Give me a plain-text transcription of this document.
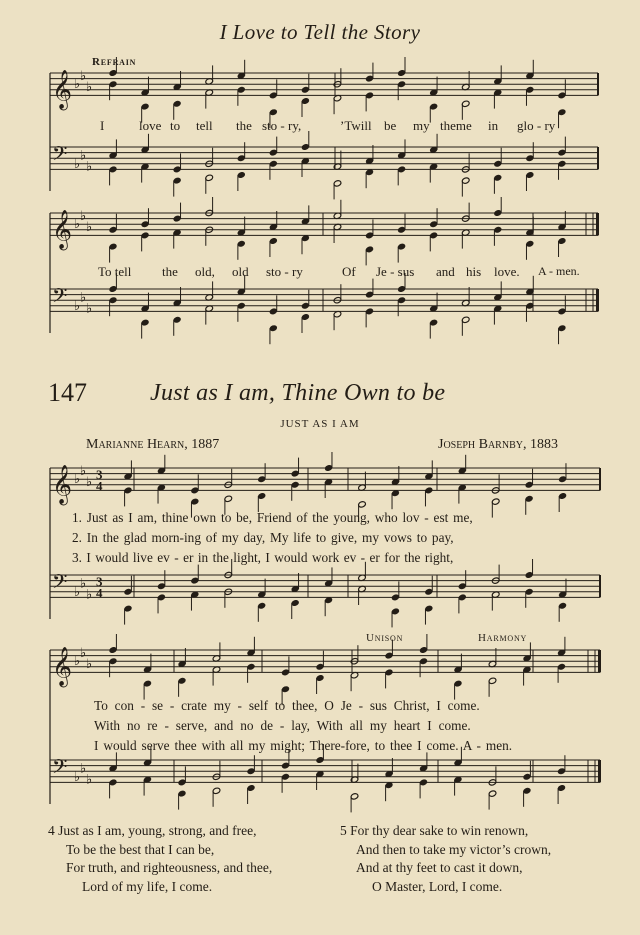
I Love to Tell the Story
Refrain
𝄞 ♭
♭
♭
𝄢 ♭
♭
♭
𝄞 ♭
♭
♭
𝄢 ♭
♭
♭
𝄞 ♭
♭
♭
3
4
𝄢 ♭
♭
♭
3
4
𝄞 ♭
♭
♭
𝄢 ♭
♭
♭
I	love to tell the sto - ry,	’Twill be my theme in glo - ry
To tell the old, old sto - ry	Of Je - sus and his love. A - men.
147	Just as I am, Thine Own to be
JUST AS I AM
Marianne Hearn, 1887	Joseph Barnby, 1883
1. Just as I am, thine own to be, Friend of the young, who lov - est me,
2. In the glad morn-ing of my day, My life to give, my vows to pay,
3. I would live ev - er in the light, I would work ev - er for the right,
Unison	Harmony
To con - se - crate my - self to thee, O Je - sus Christ, I come.
With no re - serve, and no de - lay, With all my heart I come.
I would serve thee with all my might; There-fore, to thee I come. A - men.
4 Just as I am, young, strong, and free,
To be the best that I can be,
For truth, and righteousness, and thee,
Lord of my life, I come.
5 For thy dear sake to win renown,
And then to take my victor’s crown,
And at thy feet to cast it down,
O Master, Lord, I come.
